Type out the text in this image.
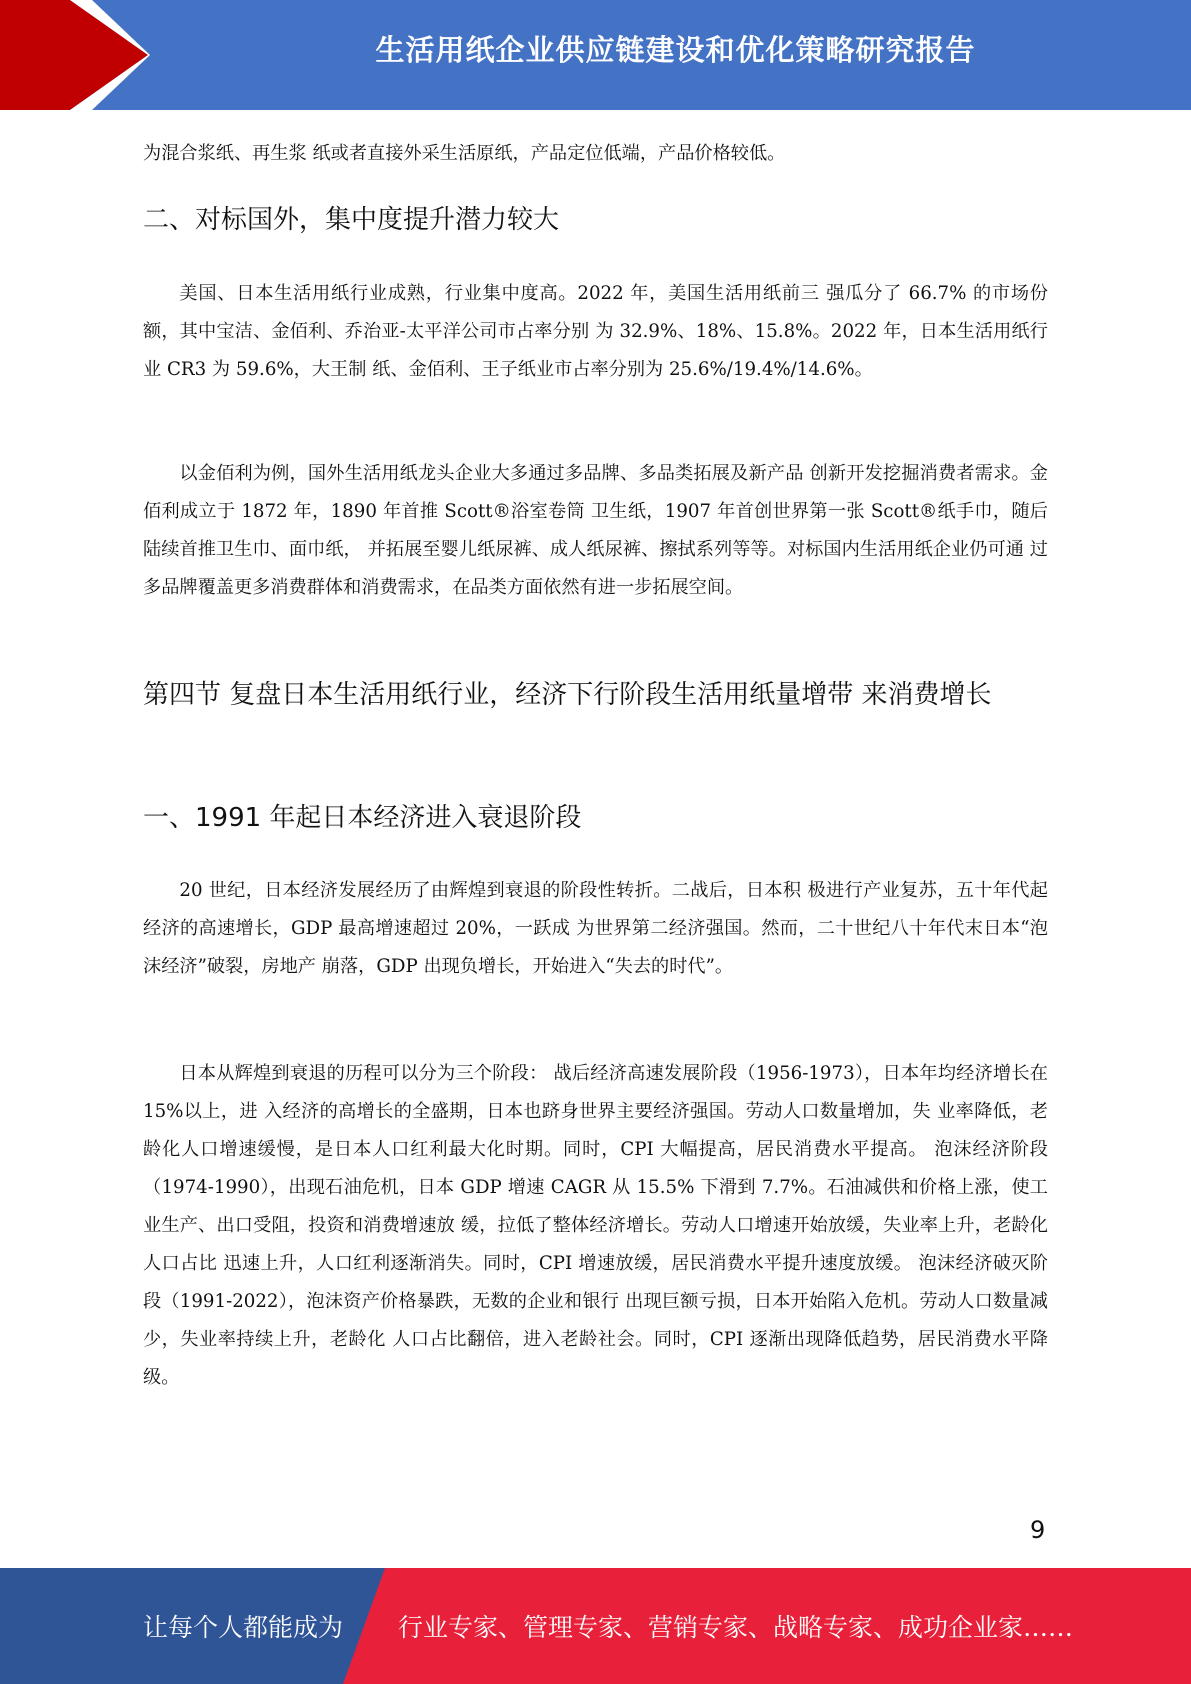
生活用纸企业供应链建设和优化策略研究报告

为混合浆纸、再生浆 纸或者直接外采生活原纸，产品定位低端，产品价格较低。

二、对标国外，集中度提升潜力较大

美国、日本生活用纸行业成熟，行业集中度高。2022 年，美国生活用纸前三 强瓜分了 66.7% 的市场份额，其中宝洁、金佰利、乔治亚-太平洋公司市占率分别 为 32.9%、18%、15.8%。2022 年，日本生活用纸行业 CR3 为 59.6%，大王制 纸、金佰利、王子纸业市占率分别为 25.6%/19.4%/14.6%。

以金佰利为例，国外生活用纸龙头企业大多通过多品牌、多品类拓展及新产品 创新开发挖掘消费者需求。金佰利成立于 1872 年，1890 年首推 Scott®浴室卷筒 卫生纸，1907 年首创世界第一张 Scott®纸手巾，随后陆续首推卫生巾、面巾纸， 并拓展至婴儿纸尿裤、成人纸尿裤、擦拭系列等等。对标国内生活用纸企业仍可通 过多品牌覆盖更多消费群体和消费需求，在品类方面依然有进一步拓展空间。

第四节 复盘日本生活用纸行业，经济下行阶段生活用纸量增带 来消费增长
一、1991 年起日本经济进入衰退阶段

20 世纪，日本经济发展经历了由辉煌到衰退的阶段性转折。二战后，日本积 极进行产业复苏，五十年代起经济的高速增长，GDP 最高增速超过 20%，一跃成 为世界第二经济强国。然而，二十世纪八十年代末日本“泡沫经济”破裂，房地产 崩落，GDP 出现负增长，开始进入“失去的时代”。

日本从辉煌到衰退的历程可以分为三个阶段： 战后经济高速发展阶段（1956-1973），日本年均经济增长在 15%以上，进 入经济的高增长的全盛期，日本也跻身世界主要经济强国。劳动人口数量增加，失 业率降低，老龄化人口增速缓慢，是日本人口红利最大化时期。同时，CPI 大幅提高，居民消费水平提高。 泡沫经济阶段（1974-1990），出现石油危机，日本 GDP 增速 CAGR 从 15.5% 下滑到 7.7%。石油减供和价格上涨，使工业生产、出口受阻，投资和消费增速放 缓，拉低了整体经济增长。劳动人口增速开始放缓，失业率上升，老龄化人口占比 迅速上升，人口红利逐渐消失。同时，CPI 增速放缓，居民消费水平提升速度放缓。 泡沫经济破灭阶段（1991-2022），泡沫资产价格暴跌，无数的企业和银行 出现巨额亏损，日本开始陷入危机。劳动人口数量减少，失业率持续上升，老龄化 人口占比翻倍，进入老龄社会。同时，CPI 逐渐出现降低趋势，居民消费水平降级。

9
让每个人都能成为 行业专家、管理专家、营销专家、战略专家、成功企业家……
